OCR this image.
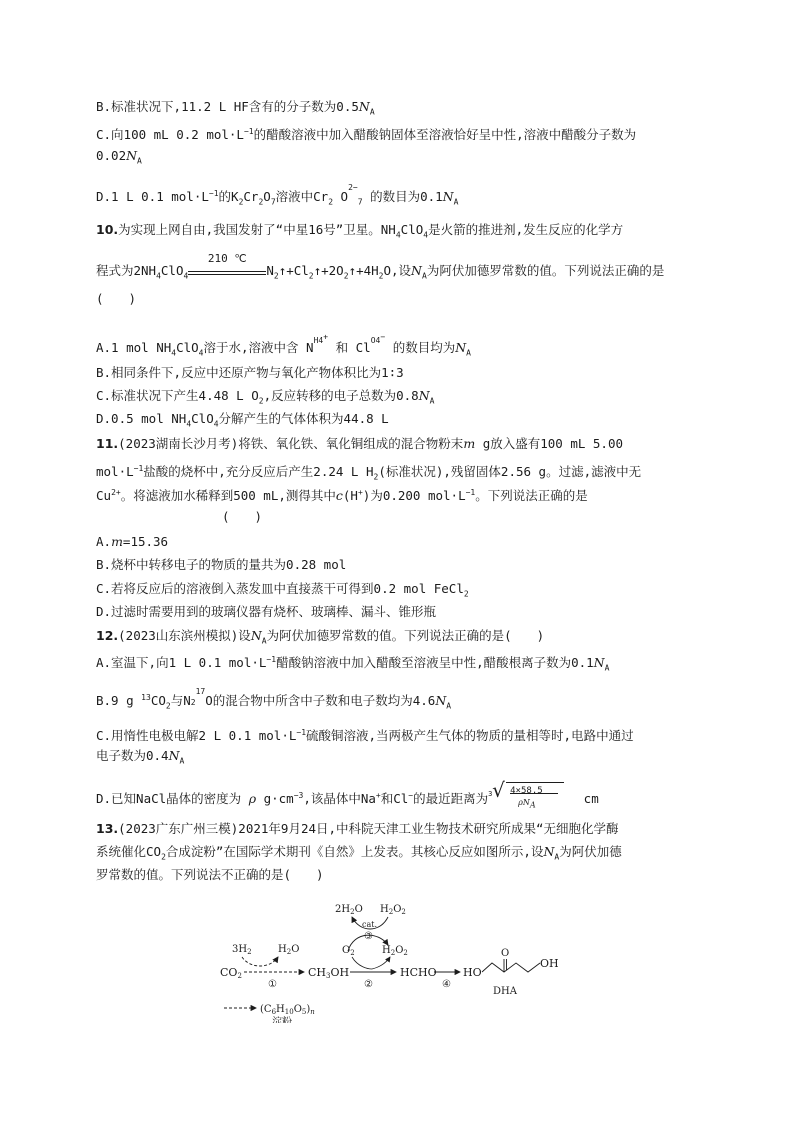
B.标准状况下,11.2 L HF含有的分子数为$0.5N_A$
C.向100 mL 0.2 $mol\cdot L^{-1}$的醋酸溶液中加入醋酸钠固体至溶液恰好呈中性,溶液中醋酸分子数为
$0.02N_A$
D.1 L 0.1 $mol\cdot L^{-1}$的$K_2Cr_2O_7$溶液中$Cr_2$ $O^{2-}_7$ 的数目为$0.1N_A$
10.为实现上网自由,我国发射了“中星16号”卫星。$NH_4ClO_4$是火箭的推进剂,发生反应的化学方
程式为$2NH_4ClO_4$
210 ℃
$N_2↑+Cl_2↑+2O_2↑+4H_2O$,设$N_A$为阿伏加德罗常数的值。下列说法正确的是
(　　)
A.1 mol $NH_4ClO_4$溶于水,溶液中含 $N^{H4^+}$ 和 $Cl^{O4^-}$ 的数目均为$N_A$
B.相同条件下,反应中还原产物与氧化产物体积比为1∶3
C.标准状况下产生4.48 L $O_2$,反应转移的电子总数为$0.8N_A$
D.0.5 mol $NH_4ClO_4$分解产生的气体体积为44.8 L
11.(2023湖南长沙月考)将铁、氧化铁、氧化铜组成的混合物粉末m g放入盛有100 mL 5.00
$mol\cdot L^{-1}$盐酸的烧杯中,充分反应后产生2.24 L $H_2$(标准状况),残留固体2.56 g。过滤,滤液中无
$Cu^{2+}$。将滤液加水稀释到500 mL,测得其中c(H+)为0.200 $mol\cdot L^{-1}$。下列说法正确的是
(　　)
A.m=15.36
B.烧杯中转移电子的物质的量共为0.28 mol
C.若将反应后的溶液倒入蒸发皿中直接蒸干可得到0.2 mol FeCl$_2$
D.过滤时需要用到的玻璃仪器有烧杯、玻璃棒、漏斗、锥形瓶
12.(2023山东滨州模拟)设$N_A$为阿伏加德罗常数的值。下列说法正确的是(　　)
A.室温下,向1 L 0.1 $mol\cdot L^{-1}$醋酸钠溶液中加入醋酸至溶液呈中性,醋酸根离子数为$0.1N_A$
B.9 g $^{13}CO_2$与$N_2^{17}O$的混合物中所含中子数和电子数均为$4.6N_A$
C.用惰性电极电解2 L 0.1 $mol\cdot L^{-1}$硫酸铜溶液,当两极产生气体的物质的量相等时,电路中通过
电子数为$0.4N_A$
D.已知NaCl晶体的密度为 ρ $g\cdot cm^{-3}$,该晶体中Na+和Cl−的最近距离为 3 √ 4×58.5
$\rho N_A$	cm
13.(2023广东广州三模)2021年9月24日,中科院天津工业生物技术研究所成果“无细胞化学酶
系统催化$CO_2$合成淀粉”在国际学术期刊《自然》上发表。其核心反应如图所示,设$N_A$为阿伏加德
罗常数的值。下列说法不正确的是(　　)
$2H_2O$ $H_2O_2$
cat.
③
$O_2$	$H_2O_2$
$3H_2$	$H_2O$
CO2
①
CH3OH
②
HCHO
④
HO
O
OH
DHA
$(C_6H_{10}O_5)_n$
淀粉
